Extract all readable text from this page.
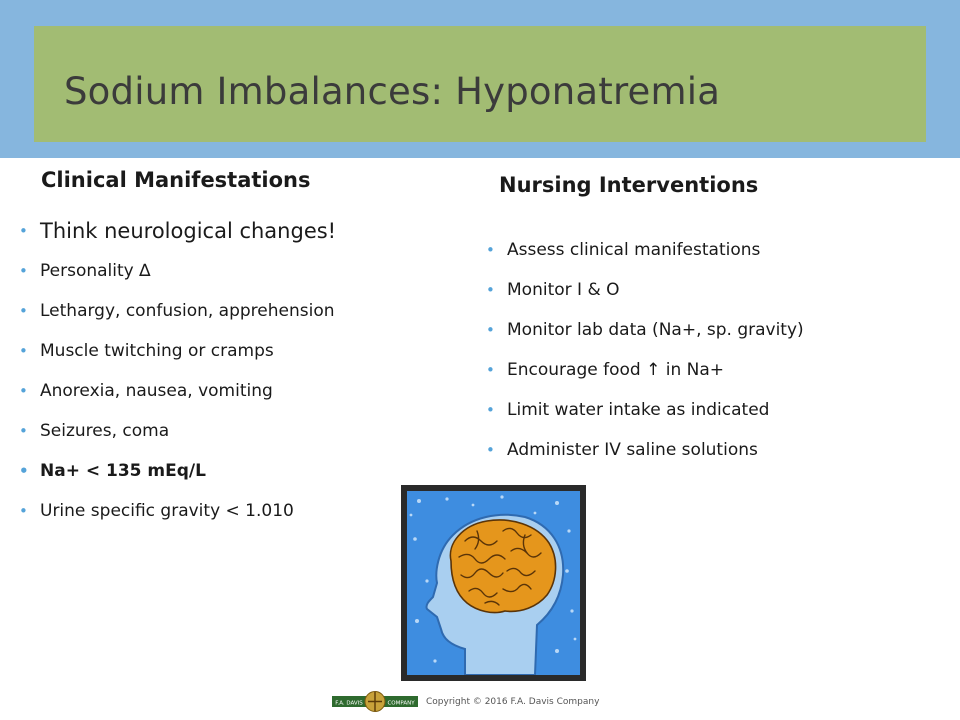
Sodium Imbalances: Hyponatremia
Clinical Manifestations
• Think neurological changes!
• Personality ∆
• Lethargy, confusion, apprehension
• Muscle twitching or cramps
• Anorexia, nausea, vomiting
• Seizures, coma
• Na+ < 135 mEq/L
• Urine specific gravity < 1.010
Nursing Interventions
• Assess clinical manifestations
• Monitor I & O
• Monitor lab data (Na+, sp. gravity)
• Encourage food ↑ in Na+
• Limit water intake as indicated
• Administer IV saline solutions
F.A. DAVIS	COMPANY Copyright © 2016 F.A. Davis Company
